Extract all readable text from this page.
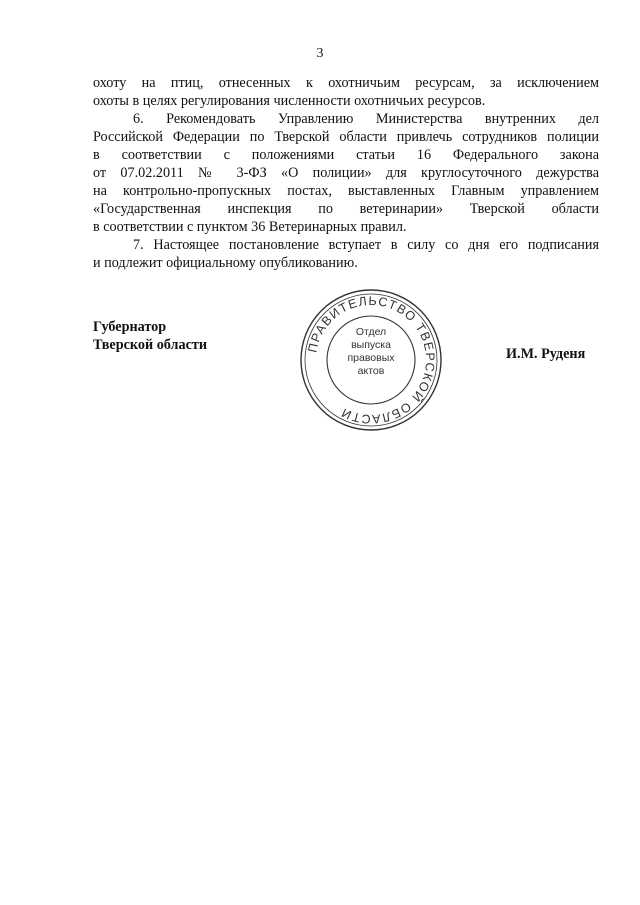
3

охоту на птиц, отнесенных к охотничьим ресурсам, за исключением
охоты в целях регулирования численности охотничьих ресурсов.

6. Рекомендовать Управлению Министерства внутренних дел
Российской Федерации по Тверской области привлечь сотрудников полиции
в соответствии с положениями статьи 16 Федерального закона
от 07.02.2011 № 3-ФЗ «О полиции» для круглосуточного дежурства
на контрольно-пропускных постах, выставленных Главным управлением
«Государственная инспекция по ветеринарии» Тверской области
в соответствии с пунктом 36 Ветеринарных правил.

7. Настоящее постановление вступает в силу со дня его подписания
и подлежит официальному опубликованию.

Губернатор
Тверской области
И.М. Руденя
ПРАВИТЕЛЬСТВО ТВЕРСКОЙ ОБЛАСТИ
Отдел
выпуска
правовых
актов
